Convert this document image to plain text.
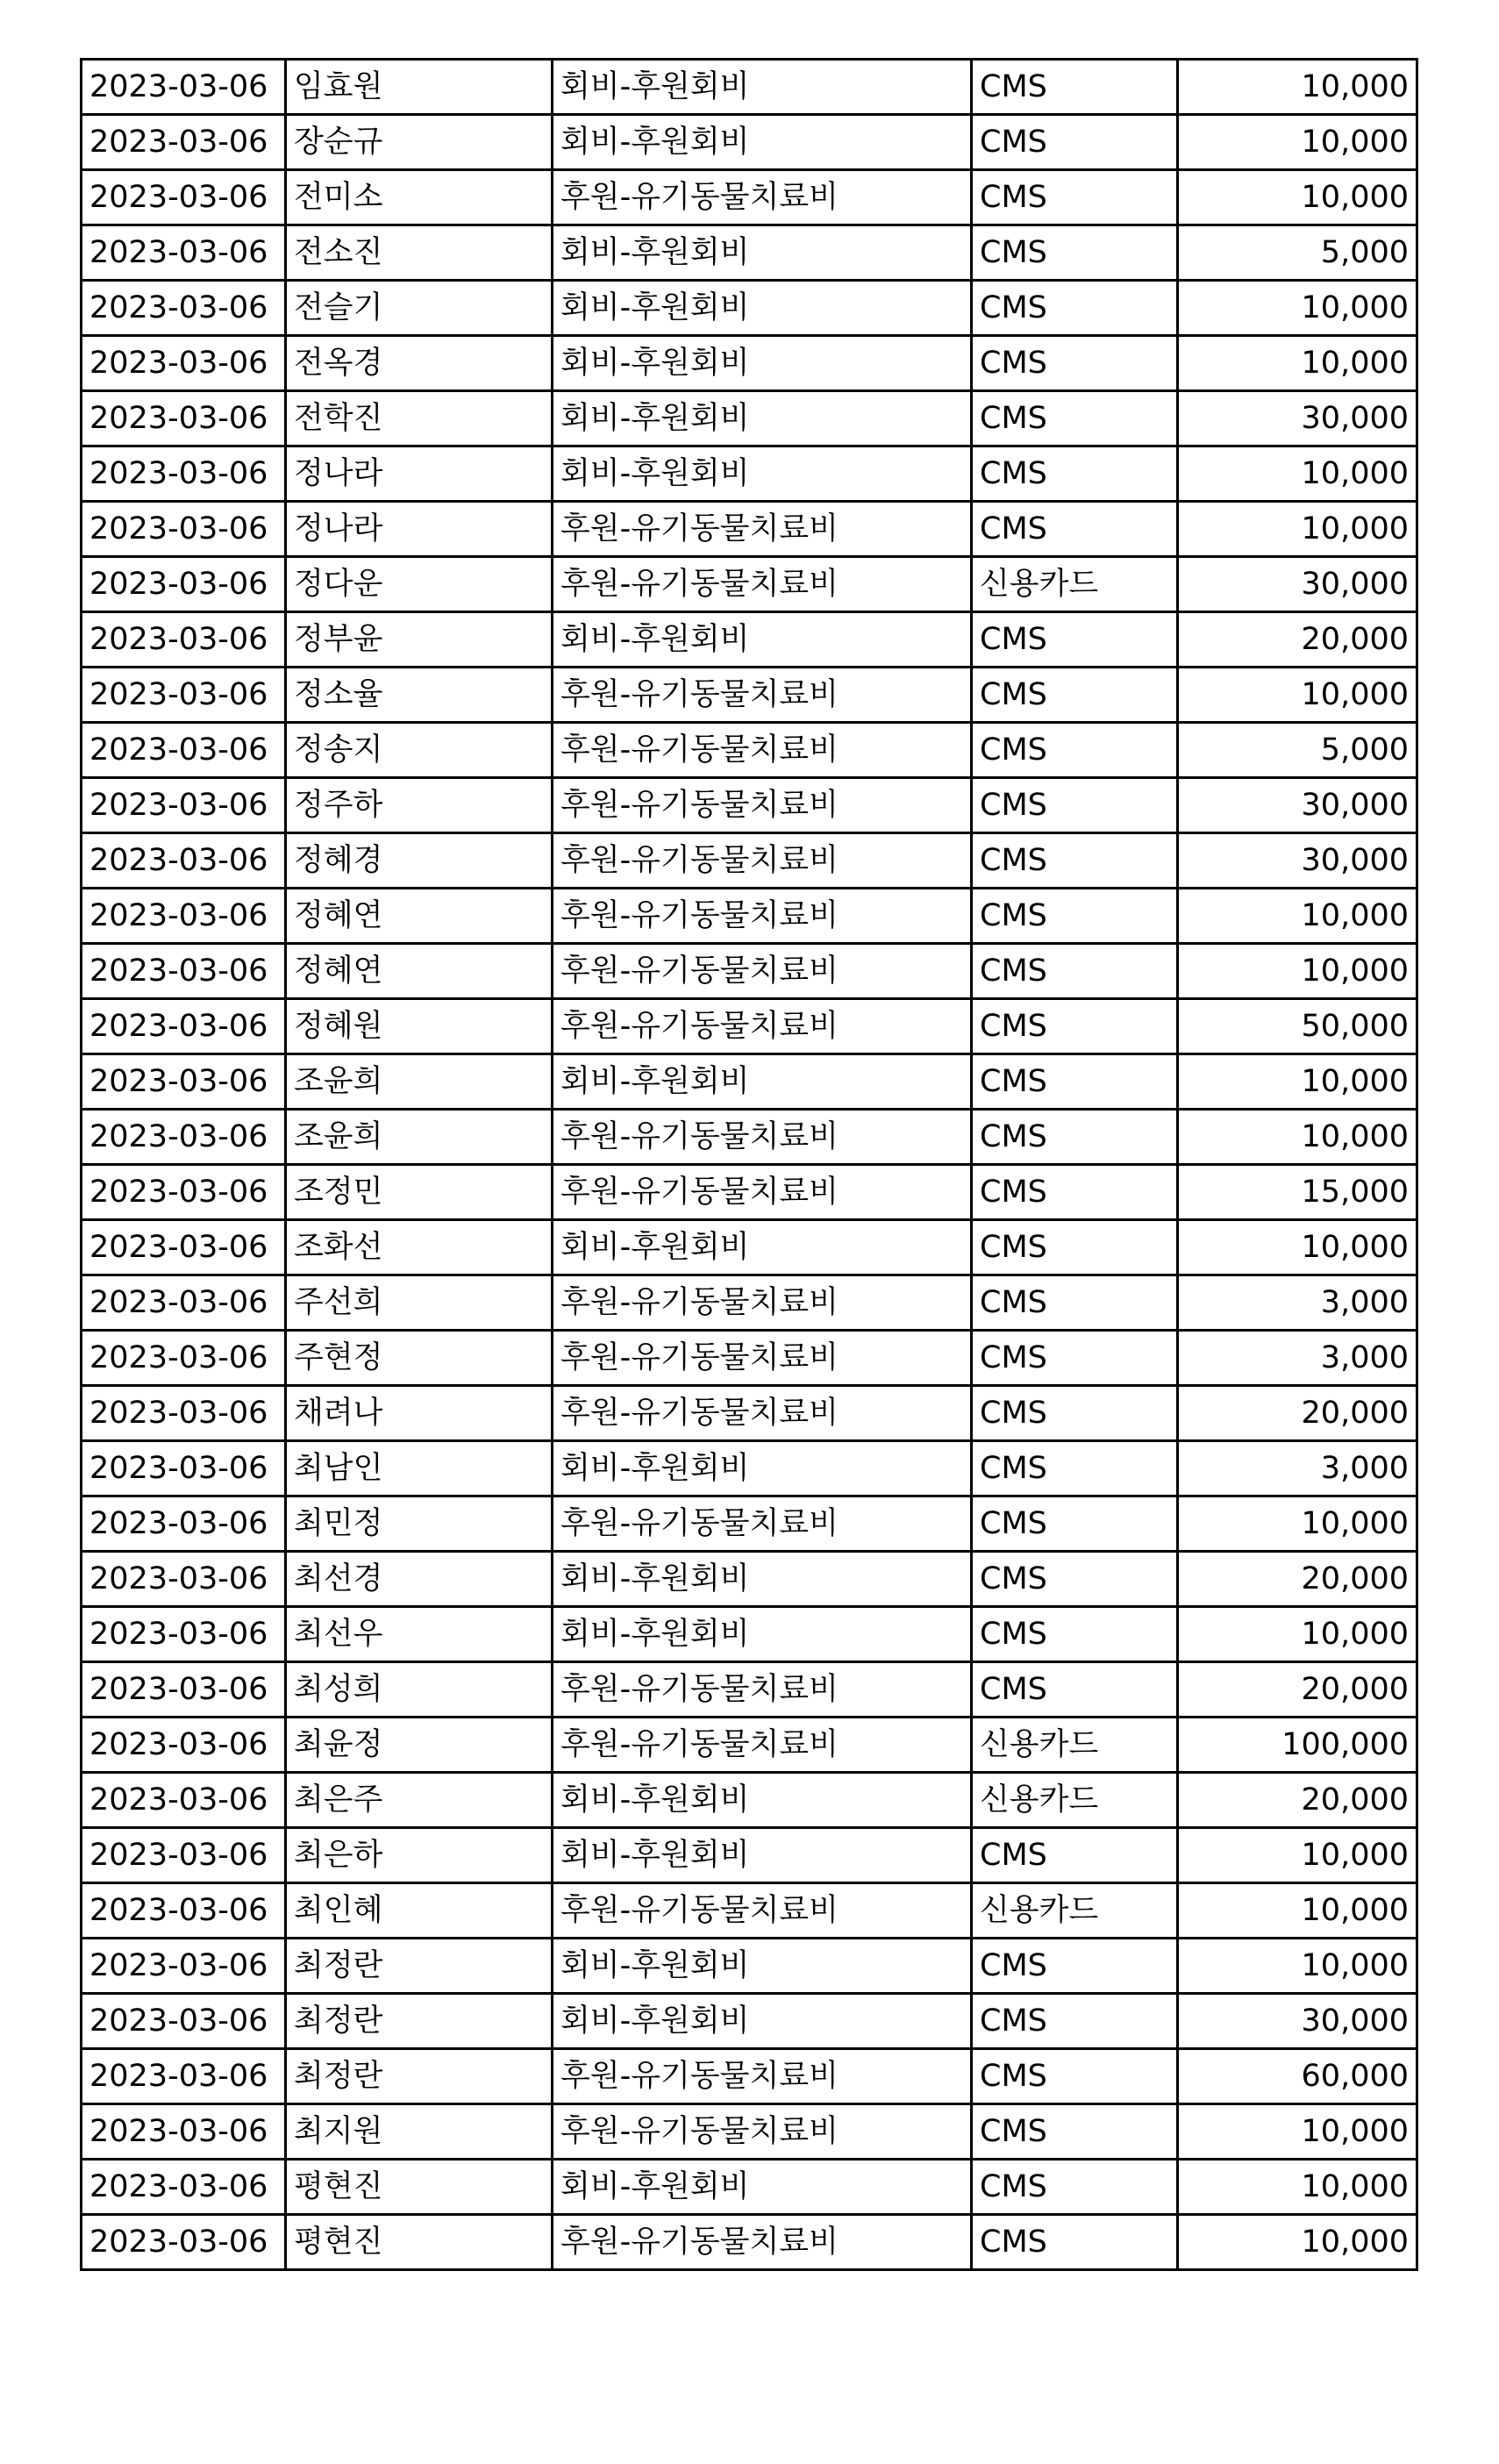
2023-03-06	임효원	회비-후원회비	CMS	10,000
2023-03-06	장순규	회비-후원회비	CMS	10,000
2023-03-06	전미소	후원-유기동물치료비	CMS	10,000
2023-03-06	전소진	회비-후원회비	CMS	5,000
2023-03-06	전슬기	회비-후원회비	CMS	10,000
2023-03-06	전옥경	회비-후원회비	CMS	10,000
2023-03-06	전학진	회비-후원회비	CMS	30,000
2023-03-06	정나라	회비-후원회비	CMS	10,000
2023-03-06	정나라	후원-유기동물치료비	CMS	10,000
2023-03-06	정다운	후원-유기동물치료비	신용카드	30,000
2023-03-06	정부윤	회비-후원회비	CMS	20,000
2023-03-06	정소율	후원-유기동물치료비	CMS	10,000
2023-03-06	정송지	후원-유기동물치료비	CMS	5,000
2023-03-06	정주하	후원-유기동물치료비	CMS	30,000
2023-03-06	정혜경	후원-유기동물치료비	CMS	30,000
2023-03-06	정혜연	후원-유기동물치료비	CMS	10,000
2023-03-06	정혜연	후원-유기동물치료비	CMS	10,000
2023-03-06	정혜원	후원-유기동물치료비	CMS	50,000
2023-03-06	조윤희	회비-후원회비	CMS	10,000
2023-03-06	조윤희	후원-유기동물치료비	CMS	10,000
2023-03-06	조정민	후원-유기동물치료비	CMS	15,000
2023-03-06	조화선	회비-후원회비	CMS	10,000
2023-03-06	주선희	후원-유기동물치료비	CMS	3,000
2023-03-06	주현정	후원-유기동물치료비	CMS	3,000
2023-03-06	채려나	후원-유기동물치료비	CMS	20,000
2023-03-06	최남인	회비-후원회비	CMS	3,000
2023-03-06	최민정	후원-유기동물치료비	CMS	10,000
2023-03-06	최선경	회비-후원회비	CMS	20,000
2023-03-06	최선우	회비-후원회비	CMS	10,000
2023-03-06	최성희	후원-유기동물치료비	CMS	20,000
2023-03-06	최윤정	후원-유기동물치료비	신용카드	100,000
2023-03-06	최은주	회비-후원회비	신용카드	20,000
2023-03-06	최은하	회비-후원회비	CMS	10,000
2023-03-06	최인혜	후원-유기동물치료비	신용카드	10,000
2023-03-06	최정란	회비-후원회비	CMS	10,000
2023-03-06	최정란	회비-후원회비	CMS	30,000
2023-03-06	최정란	후원-유기동물치료비	CMS	60,000
2023-03-06	최지원	후원-유기동물치료비	CMS	10,000
2023-03-06	평현진	회비-후원회비	CMS	10,000
2023-03-06	평현진	후원-유기동물치료비	CMS	10,000
